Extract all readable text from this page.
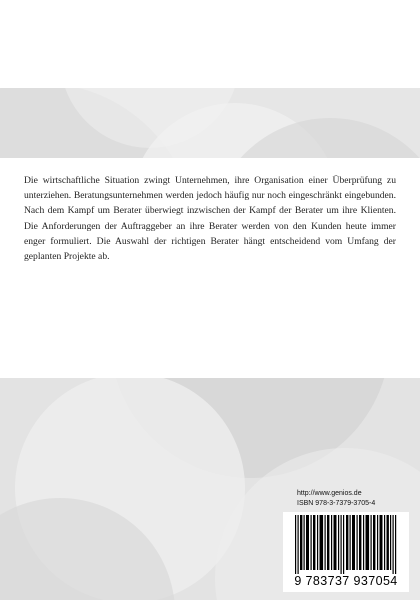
Die wirtschaftliche Situation zwingt Unternehmen, ihre Organisation einer Überprüfung zu unterziehen. Beratungsunternehmen werden jedoch häufig nur noch eingeschränkt eingebunden. Nach dem Kampf um Berater überwiegt inzwischen der Kampf der Berater um ihre Klienten. Die Anforderungen der Auftraggeber an ihre Berater werden von den Kunden heute immer enger formuliert. Die Auswahl der richtigen Berater hängt entscheidend vom Umfang der geplanten Projekte ab.

http://www.genios.de

ISBN 978-3-7379-3705-4

9 783737 937054
